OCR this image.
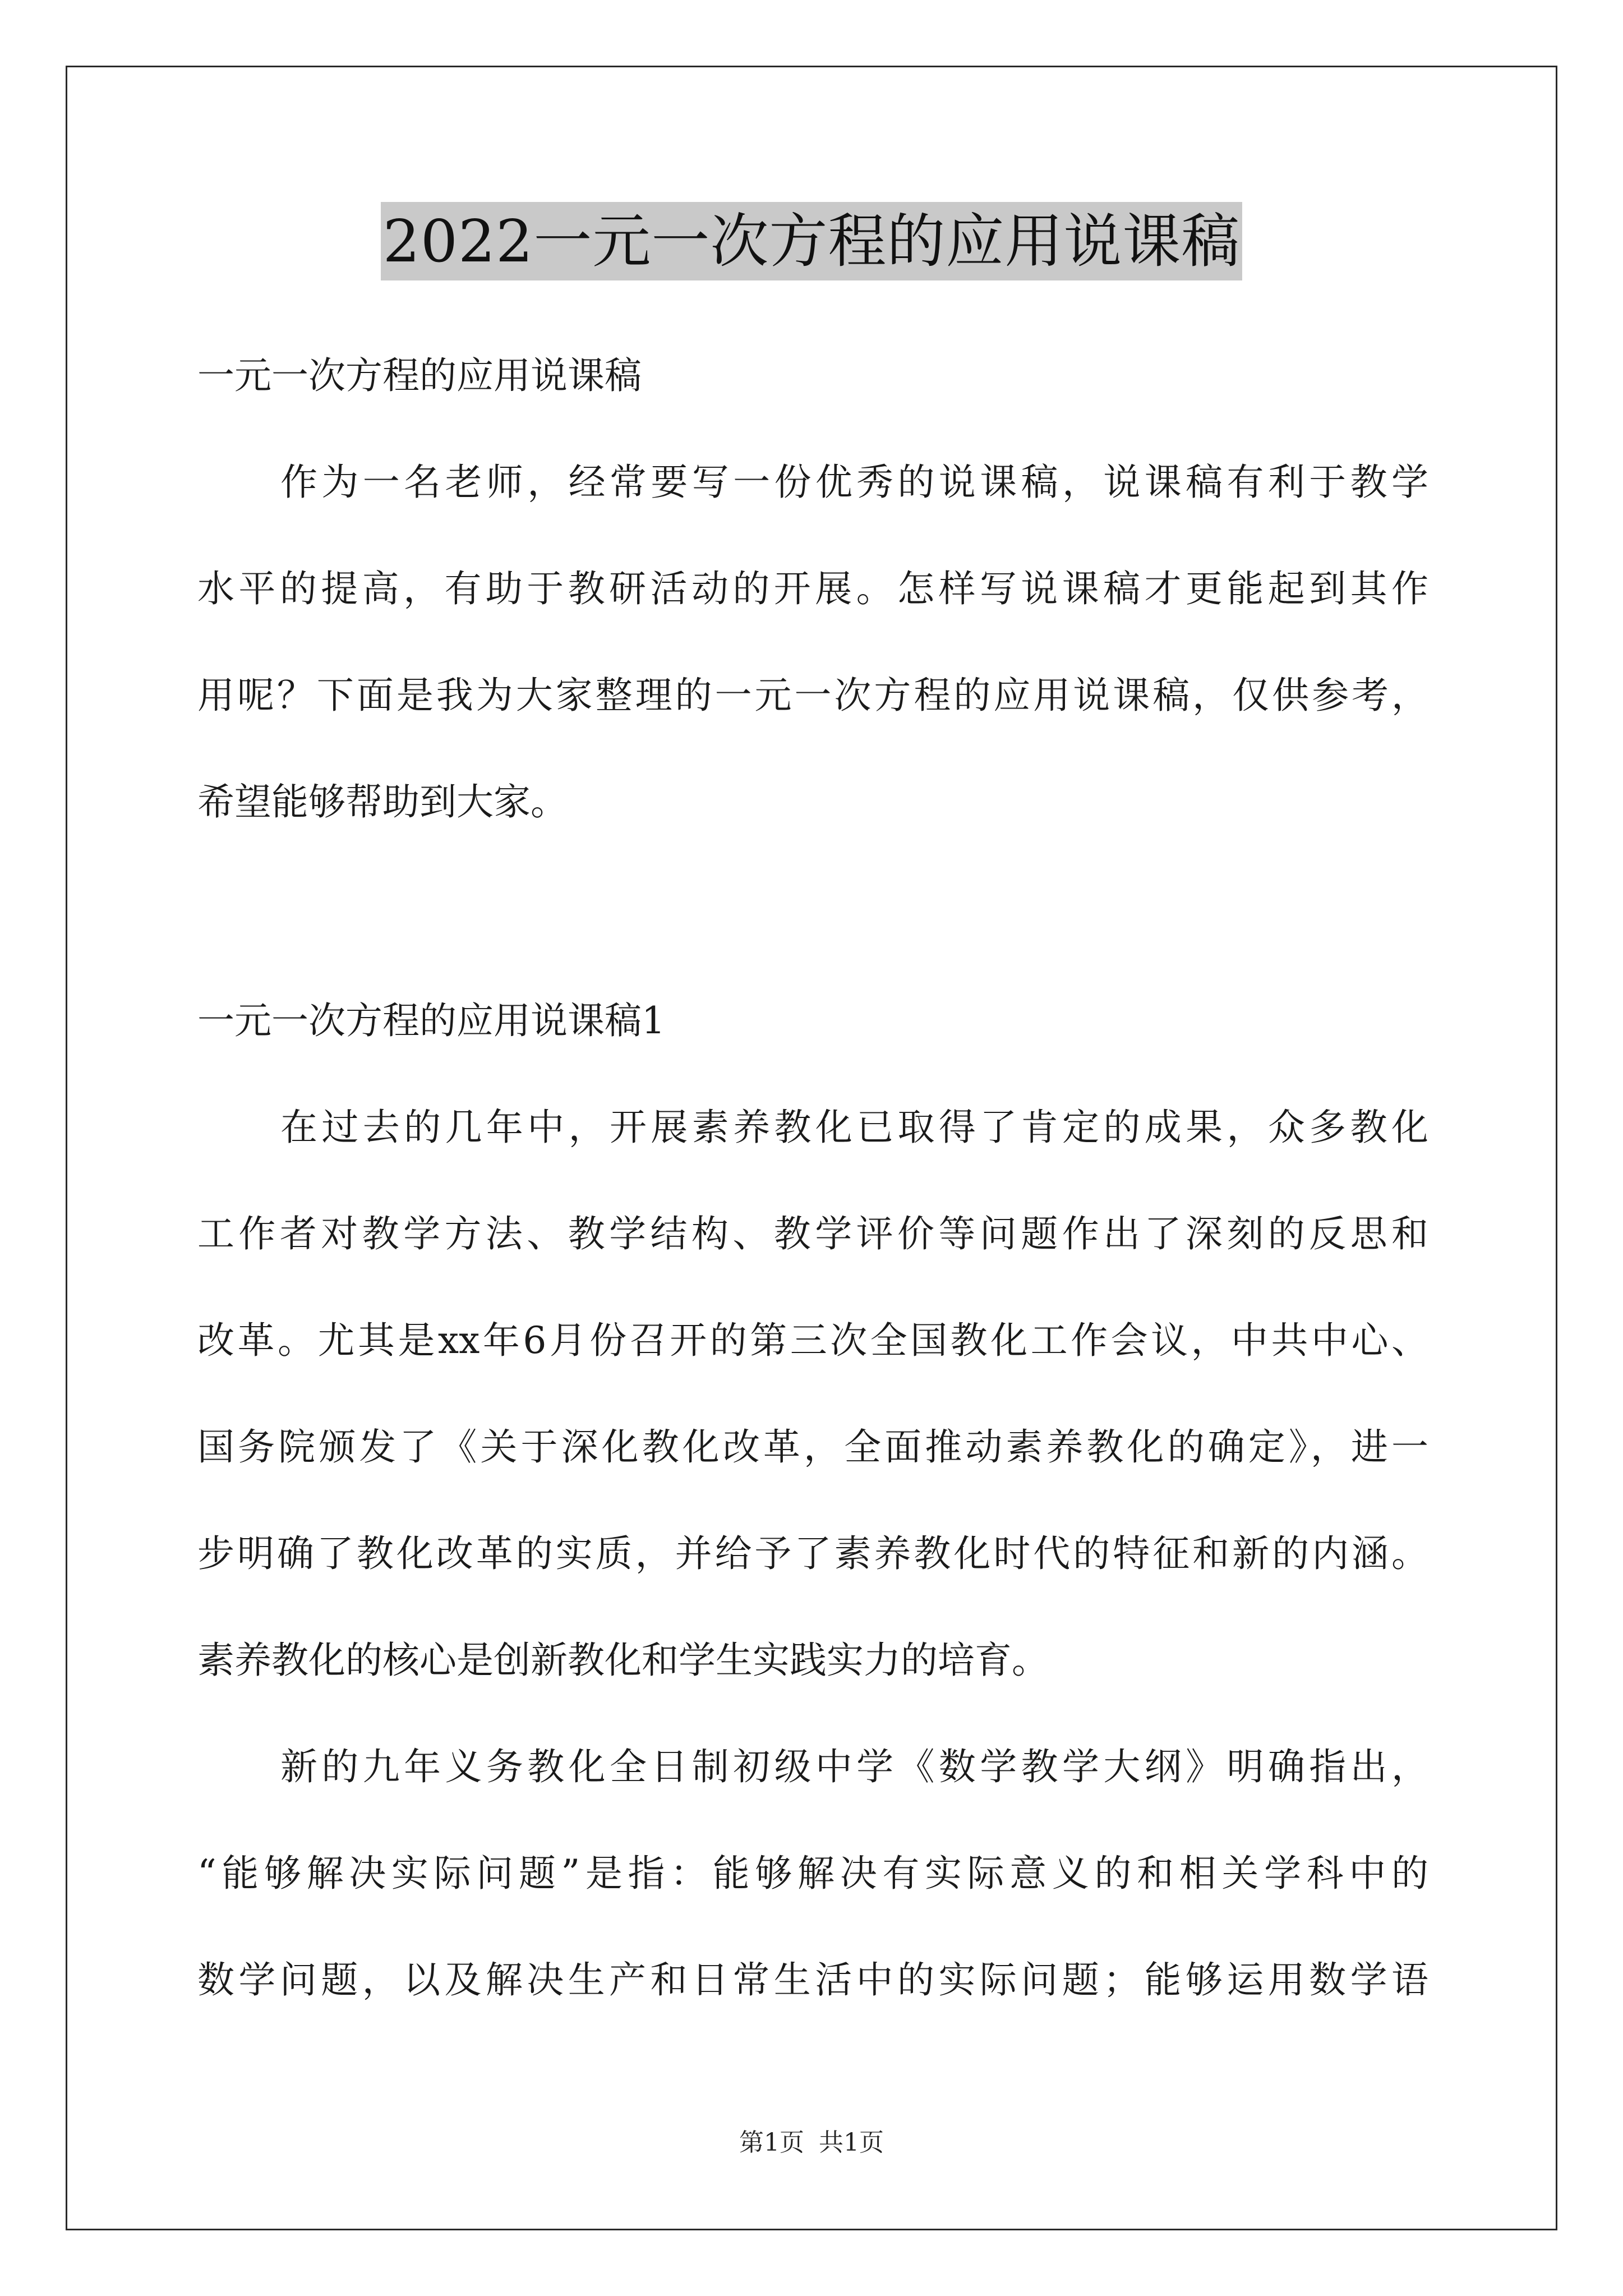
2022一元一次方程的应用说课稿
一元一次方程的应用说课稿
作为一名老师，经常要写一份优秀的说课稿，说课稿有利于教学
水平的提高，有助于教研活动的开展。怎样写说课稿才更能起到其作
用呢？下面是我为大家整理的一元一次方程的应用说课稿，仅供参考，
希望能够帮助到大家。
一元一次方程的应用说课稿1
在过去的几年中，开展素养教化已取得了肯定的成果，众多教化
工作者对教学方法、教学结构、教学评价等问题作出了深刻的反思和
改革。尤其是xx年6月份召开的第三次全国教化工作会议，中共中心、
国务院颁发了《关于深化教化改革，全面推动素养教化的确定》，进一
步明确了教化改革的实质，并给予了素养教化时代的特征和新的内涵。
素养教化的核心是创新教化和学生实践实力的培育。
新的九年义务教化全日制初级中学《数学教学大纲》明确指出，
“能够解决实际问题”是指：能够解决有实际意义的和相关学科中的
数学问题，以及解决生产和日常生活中的实际问题；能够运用数学语
第1页 共1页
